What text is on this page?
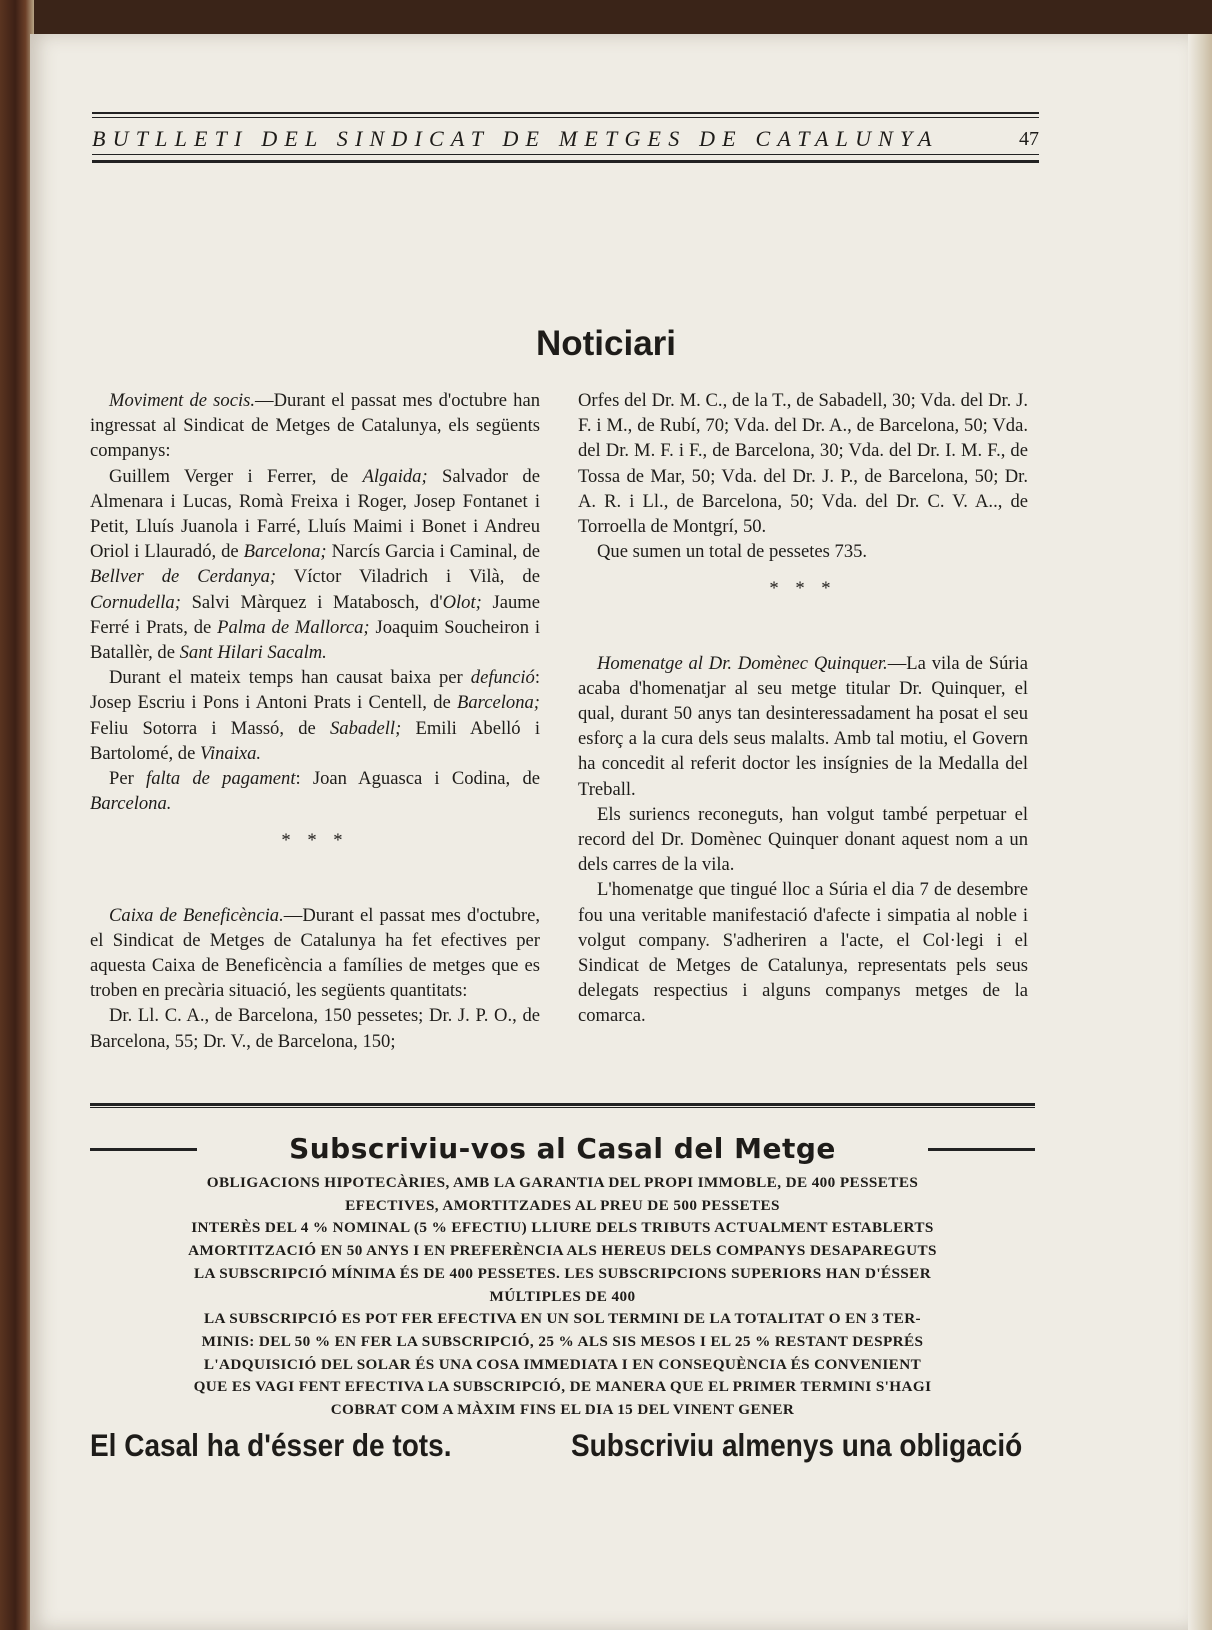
BUTLLETI DEL SINDICAT DE METGES DE CATALUNYA	47
Noticiari

Moviment de socis.—Durant el passat mes d'octubre han ingressat al Sindicat de Metges de Catalunya, els següents companys:

Guillem Verger i Ferrer, de Algaida; Salvador de Almenara i Lucas, Romà Freixa i Roger, Josep Fontanet i Petit, Lluís Juanola i Farré, Lluís Maimi i Bonet i Andreu Oriol i Llauradó, de Barcelona; Narcís Garcia i Caminal, de Bellver de Cerdanya; Víctor Viladrich i Vilà, de Cornudella; Salvi Màrquez i Matabosch, d'Olot; Jaume Ferré i Prats, de Palma de Mallorca; Joaquim Soucheiron i Batallèr, de Sant Hilari Sacalm.

Durant el mateix temps han causat baixa per defunció: Josep Escriu i Pons i Antoni Prats i Centell, de Barcelona; Feliu Sotorra i Massó, de Sabadell; Emili Abelló i Bartolomé, de Vinaixa.

Per falta de pagament: Joan Aguasca i Codina, de Barcelona.

* * *

Caixa de Beneficència.—Durant el passat mes d'octubre, el Sindicat de Metges de Catalunya ha fet efectives per aquesta Caixa de Beneficència a famílies de metges que es troben en precària situació, les següents quantitats:

Dr. Ll. C. A., de Barcelona, 150 pessetes; Dr. J. P. O., de Barcelona, 55; Dr. V., de Barcelona, 150;

Orfes del Dr. M. C., de la T., de Sabadell, 30; Vda. del Dr. J. F. i M., de Rubí, 70; Vda. del Dr. A., de Barcelona, 50; Vda. del Dr. M. F. i F., de Barcelona, 30; Vda. del Dr. I. M. F., de Tossa de Mar, 50; Vda. del Dr. J. P., de Barcelona, 50; Dr. A. R. i Ll., de Barcelona, 50; Vda. del Dr. C. V. A.., de Torroella de Montgrí, 50.

Que sumen un total de pessetes 735.

* * *

Homenatge al Dr. Domènec Quinquer.—La vila de Súria acaba d'homenatjar al seu metge titular Dr. Quinquer, el qual, durant 50 anys tan desinteressadament ha posat el seu esforç a la cura dels seus malalts. Amb tal motiu, el Govern ha concedit al referit doctor les insígnies de la Medalla del Treball.

Els suriencs reconeguts, han volgut també perpetuar el record del Dr. Domènec Quinquer donant aquest nom a un dels carres de la vila.

L'homenatge que tingué lloc a Súria el dia 7 de desembre fou una veritable manifestació d'afecte i simpatia al noble i volgut company. S'adheriren a l'acte, el Col·legi i el Sindicat de Metges de Catalunya, representats pels seus delegats respectius i alguns companys metges de la comarca.

Subscriviu-vos al Casal del Metge
OBLIGACIONS HIPOTECÀRIES, AMB LA GARANTIA DEL PROPI IMMOBLE, DE 400 PESSETES
EFECTIVES, AMORTITZADES AL PREU DE 500 PESSETES
INTERÈS DEL 4 % NOMINAL (5 % EFECTIU) LLIURE DELS TRIBUTS ACTUALMENT ESTABLERTS
AMORTITZACIÓ EN 50 ANYS I EN PREFERÈNCIA ALS HEREUS DELS COMPANYS DESAPAREGUTS
LA SUBSCRIPCIÓ MÍNIMA ÉS DE 400 PESSETES. LES SUBSCRIPCIONS SUPERIORS HAN D'ÉSSER
MÚLTIPLES DE 400
LA SUBSCRIPCIÓ ES POT FER EFECTIVA EN UN SOL TERMINI DE LA TOTALITAT O EN 3 TER-
MINIS: DEL 50 % EN FER LA SUBSCRIPCIÓ, 25 % ALS SIS MESOS I EL 25 % RESTANT DESPRÉS
L'ADQUISICIÓ DEL SOLAR ÉS UNA COSA IMMEDIATA I EN CONSEQUÈNCIA ÉS CONVENIENT
QUE ES VAGI FENT EFECTIVA LA SUBSCRIPCIÓ, DE MANERA QUE EL PRIMER TERMINI S'HAGI
COBRAT COM A MÀXIM FINS EL DIA 15 DEL VINENT GENER
El Casal ha d'ésser de tots.	Subscriviu almenys una obligació
